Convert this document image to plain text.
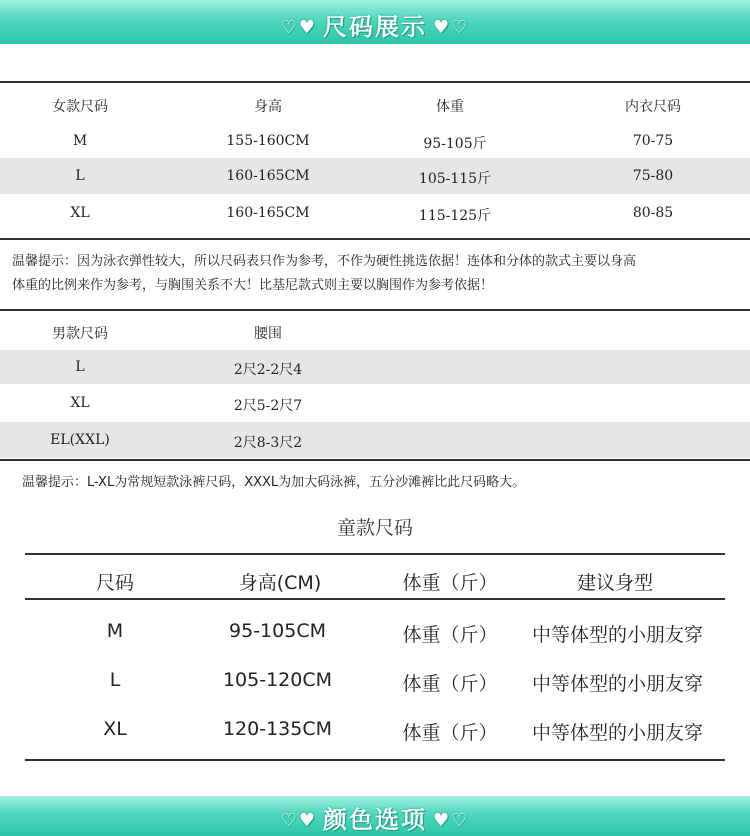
♡♥ 尺码展示 ♥♡
女款尺码	身高	体重	内衣尺码
M	155-160CM	95-105斤	70-75
L	160-165CM	105-115斤	75-80
XL	160-165CM	115-125斤	80-85
温馨提示：因为泳衣弹性较大，所以尺码表只作为参考，不作为硬性挑选依据！连体和分体的款式主要以身高
体重的比例来作为参考，与胸围关系不大！比基尼款式则主要以胸围作为参考依据！
男款尺码	腰围
L	2尺2-2尺4
XL	2尺5-2尺7
EL(XXL)	2尺8-3尺2
温馨提示：L-XL为常规短款泳裤尺码，XXXL为加大码泳裤，五分沙滩裤比此尺码略大。
童款尺码
尺码	身高(CM)	体重（斤）	建议身型
M	95-105CM	体重（斤）	中等体型的小朋友穿
L	105-120CM	体重（斤）	中等体型的小朋友穿
XL	120-135CM	体重（斤）	中等体型的小朋友穿
♡♥ 颜色选项 ♥♡
